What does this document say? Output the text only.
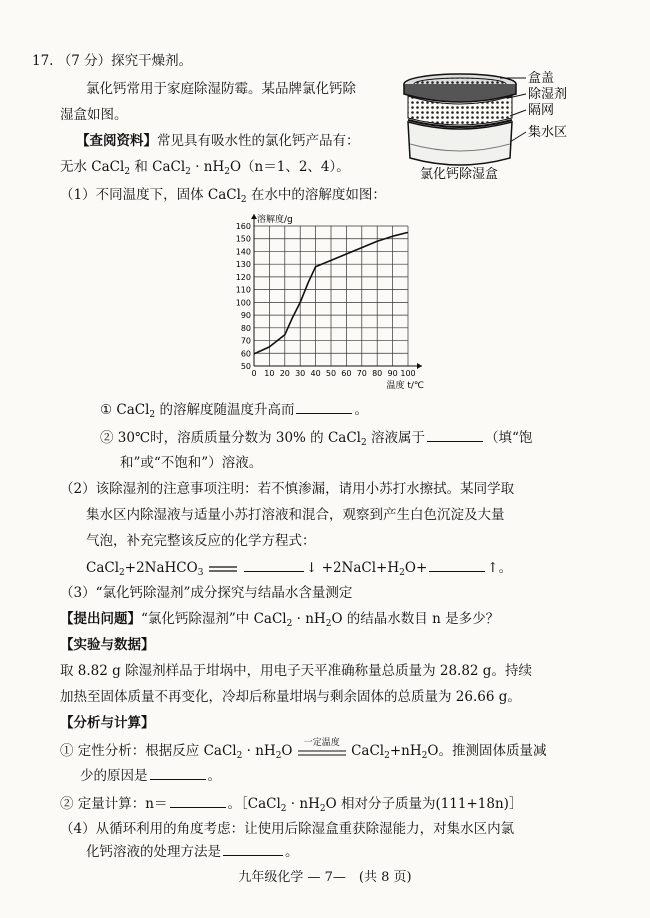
17. （7 分）探究干燥剂。
氯化钙常用于家庭除湿防霉。某品牌氯化钙除
湿盒如图。
【查阅资料】常见具有吸水性的氯化钙产品有：
无水 CaCl$_2$ 和 CaCl$_2$ · $nH_2O(n=1$、2、4）。
盒盖
除湿剂
隔网
集水区
氯化钙除湿盒
（1）不同温度下，固体 CaCl$_2$ 在水中的溶解度如图：
0 10 20 30 40 50 60 70 80 90 100
50
60
70
80
90
100
110
120
130
140
150
160
溶解度/g
温度 t/℃
① CaCl$_2$ 的溶解度随温度升高而	。
② 30℃时，溶质质量分数为 30% 的 CaCl$_2$ 溶液属于	（填“饱
和”或“不饱和”）溶液。
（2）该除湿剂的注意事项注明：若不慎渗漏，请用小苏打水擦拭。某同学取
集水区内除湿液与适量小苏打溶液和混合，观察到产生白色沉淀及大量
气泡，补充完整该反应的化学方程式：
CaCl$_2$+2NaHCO$_3$	↓ $+2NaCl+H_2O+$	↑。
（3）“氯化钙除湿剂”成分探究与结晶水含量测定
【提出问题】“氯化钙除湿剂”中 CaCl$_2$ · $nH_2O$ 的结晶水数目 n 是多少？
【实验与数据】
取 8.82 g 除湿剂样品于坩埚中，用电子天平准确称量总质量为 28.82 g。持续
加热至固体质量不再变化，冷却后称量坩埚与剩余固体的总质量为 26.66 g。
【分析与计算】
① 定性分析：根据反应 CaCl$_2$ · $nH_2O$
一定温度
$CaCl_2+nH_2O$。推测固体质量减
少的原因是	。
② 定量计算：n＝	。［CaCl$_2$ · $nH_2O$ 相对分子质量为(111+18n)］
（4）从循环利用的角度考虑：让使用后除湿盒重获除湿能力，对集水区内氯
化钙溶液的处理方法是	。
九年级化学 — 7—　(共 8 页)
